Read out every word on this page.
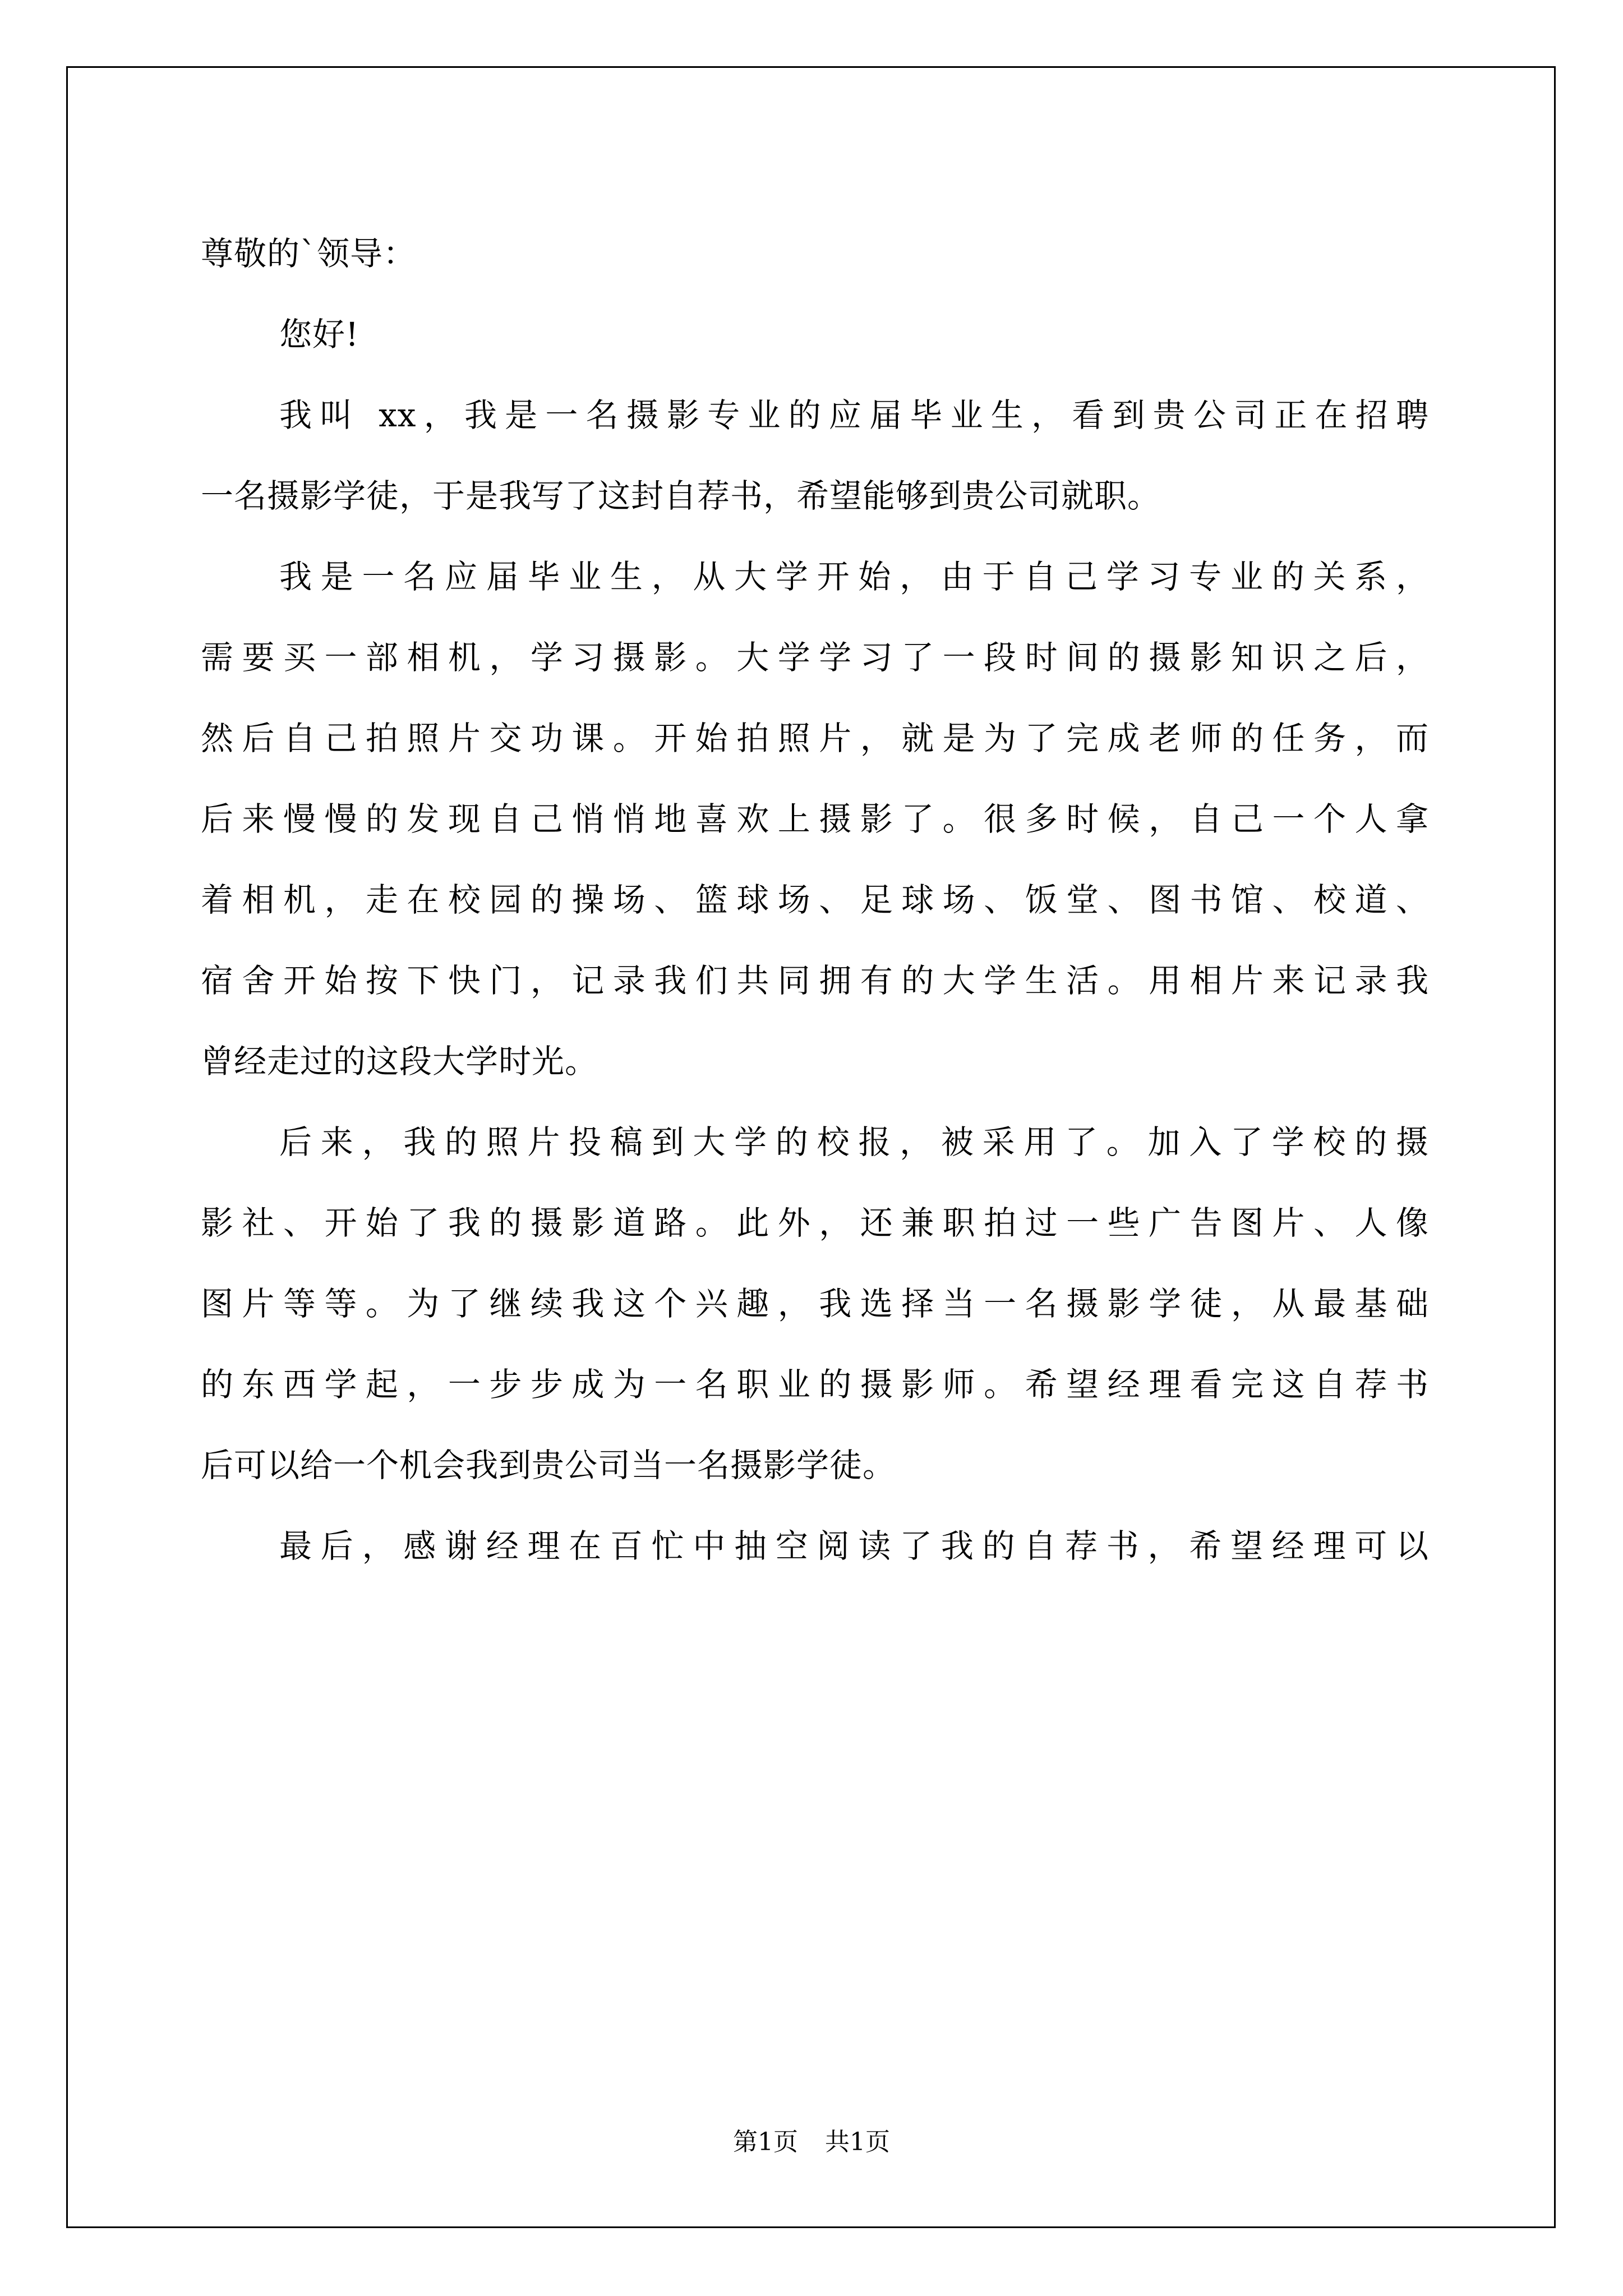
尊敬的`领导：
您好!
我叫 xx，我是一名摄影专业的应届毕业生，看到贵公司正在招聘
一名摄影学徒，于是我写了这封自荐书，希望能够到贵公司就职。
我是一名应届毕业生，从大学开始，由于自己学习专业的关系，
需要买一部相机，学习摄影。大学学习了一段时间的摄影知识之后，
然后自己拍照片交功课。开始拍照片，就是为了完成老师的任务，而
后来慢慢的发现自己悄悄地喜欢上摄影了。很多时候，自己一个人拿
着相机，走在校园的操场、篮球场、足球场、饭堂、图书馆、校道、
宿舍开始按下快门，记录我们共同拥有的大学生活。用相片来记录我
曾经走过的这段大学时光。
后来，我的照片投稿到大学的校报，被采用了。加入了学校的摄
影社、开始了我的摄影道路。此外，还兼职拍过一些广告图片、人像
图片等等。为了继续我这个兴趣，我选择当一名摄影学徒，从最基础
的东西学起，一步步成为一名职业的摄影师。希望经理看完这自荐书
后可以给一个机会我到贵公司当一名摄影学徒。
最后，感谢经理在百忙中抽空阅读了我的自荐书，希望经理可以
第1页 共1页
